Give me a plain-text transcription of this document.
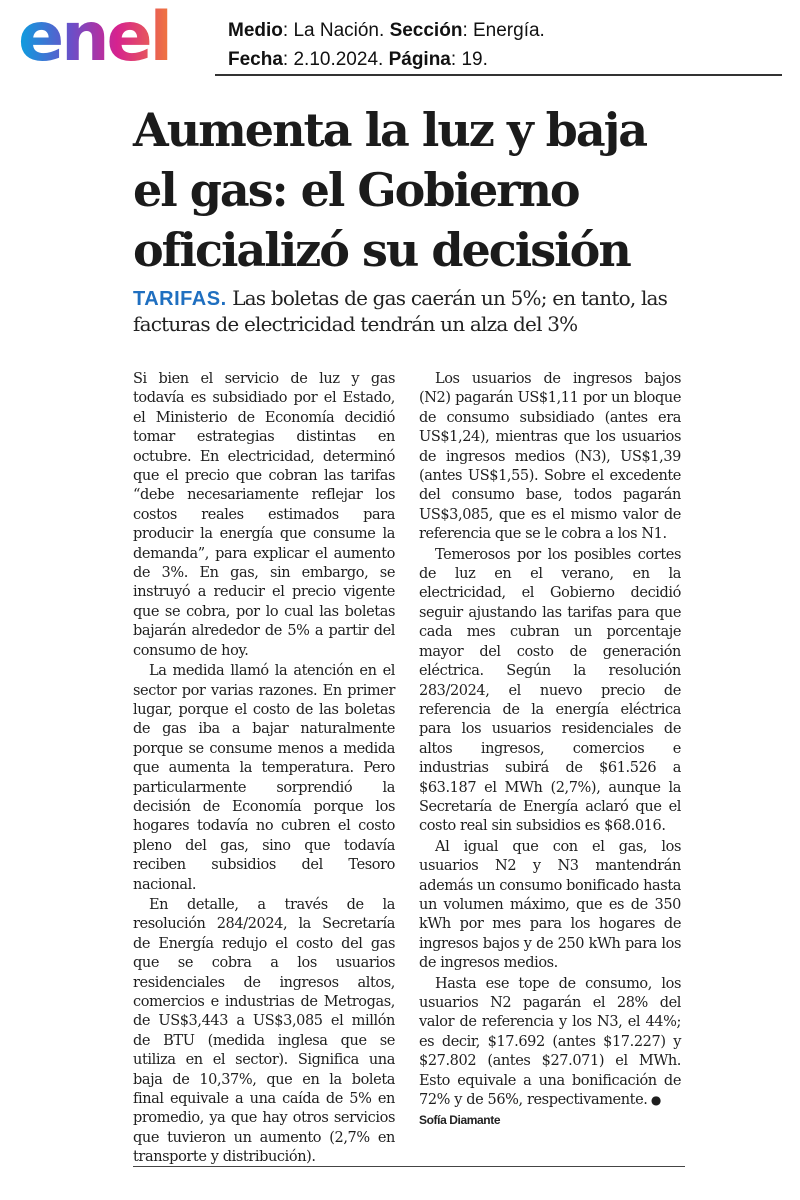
enel	Medio: La Nación. Sección: Energía.
Fecha: 2.10.2024. Página: 19.
Aumenta la luz y baja el gas: el Gobierno oficializó su decisión
TARIFAS. Las boletas de gas caerán un 5%; en tanto, las facturas de electricidad tendrán un alza del 3%

Si bien el servicio de luz y gas todavía es subsidiado por el Estado, el Ministerio de Economía decidió tomar estrategias distintas en octubre. En electricidad, determinó que el precio que cobran las tarifas “debe necesariamente reflejar los costos reales estimados para producir la energía que consume la demanda”, para explicar el aumento de 3%. En gas, sin embargo, se instruyó a reducir el precio vigente que se cobra, por lo cual las boletas bajarán alrededor de 5% a partir del consumo de hoy.

La medida llamó la atención en el sector por varias razones. En primer lugar, porque el costo de las boletas de gas iba a bajar naturalmente porque se consume menos a medida que aumenta la temperatura. Pero particularmente sorprendió la decisión de Economía porque los hogares todavía no cubren el costo pleno del gas, sino que todavía reciben subsidios del Tesoro nacional.

En detalle, a través de la resolución 284/2024, la Secretaría de Energía redujo el costo del gas que se cobra a los usuarios residenciales de ingresos altos, comercios e industrias de Metrogas, de US$3,443 a US$3,085 el millón de BTU (medida inglesa que se utiliza en el sector). Significa una baja de 10,37%, que en la boleta final equivale a una caída de 5% en promedio, ya que hay otros servicios que tuvieron un aumento (2,7% en transporte y distribución).

Los usuarios de ingresos bajos (N2) pagarán US$1,11 por un bloque de consumo subsidiado (antes era US$1,24), mientras que los usuarios de ingresos medios (N3), US$1,39 (antes US$1,55). Sobre el excedente del consumo base, todos pagarán US$3,085, que es el mismo valor de referencia que se le cobra a los N1.

Temerosos por los posibles cortes de luz en el verano, en la electricidad, el Gobierno decidió seguir ajustando las tarifas para que cada mes cubran un porcentaje mayor del costo de generación eléctrica. Según la resolución 283/2024, el nuevo precio de referencia de la energía eléctrica para los usuarios residenciales de altos ingresos, comercios e industrias subirá de $61.526 a $63.187 el MWh (2,7%), aunque la Secretaría de Energía aclaró que el costo real sin subsidios es $68.016.

Al igual que con el gas, los usuarios N2 y N3 mantendrán además un consumo bonificado hasta un volumen máximo, que es de 350 kWh por mes para los hogares de ingresos bajos y de 250 kWh para los de ingresos medios.

Hasta ese tope de consumo, los usuarios N2 pagarán el 28% del valor de referencia y los N3, el 44%; es decir, $17.692 (antes $17.227) y $27.802 (antes $27.071) el MWh. Esto equivale a una bonificación de 72% y de 56%, respectivamente. ●

Sofía Diamante
